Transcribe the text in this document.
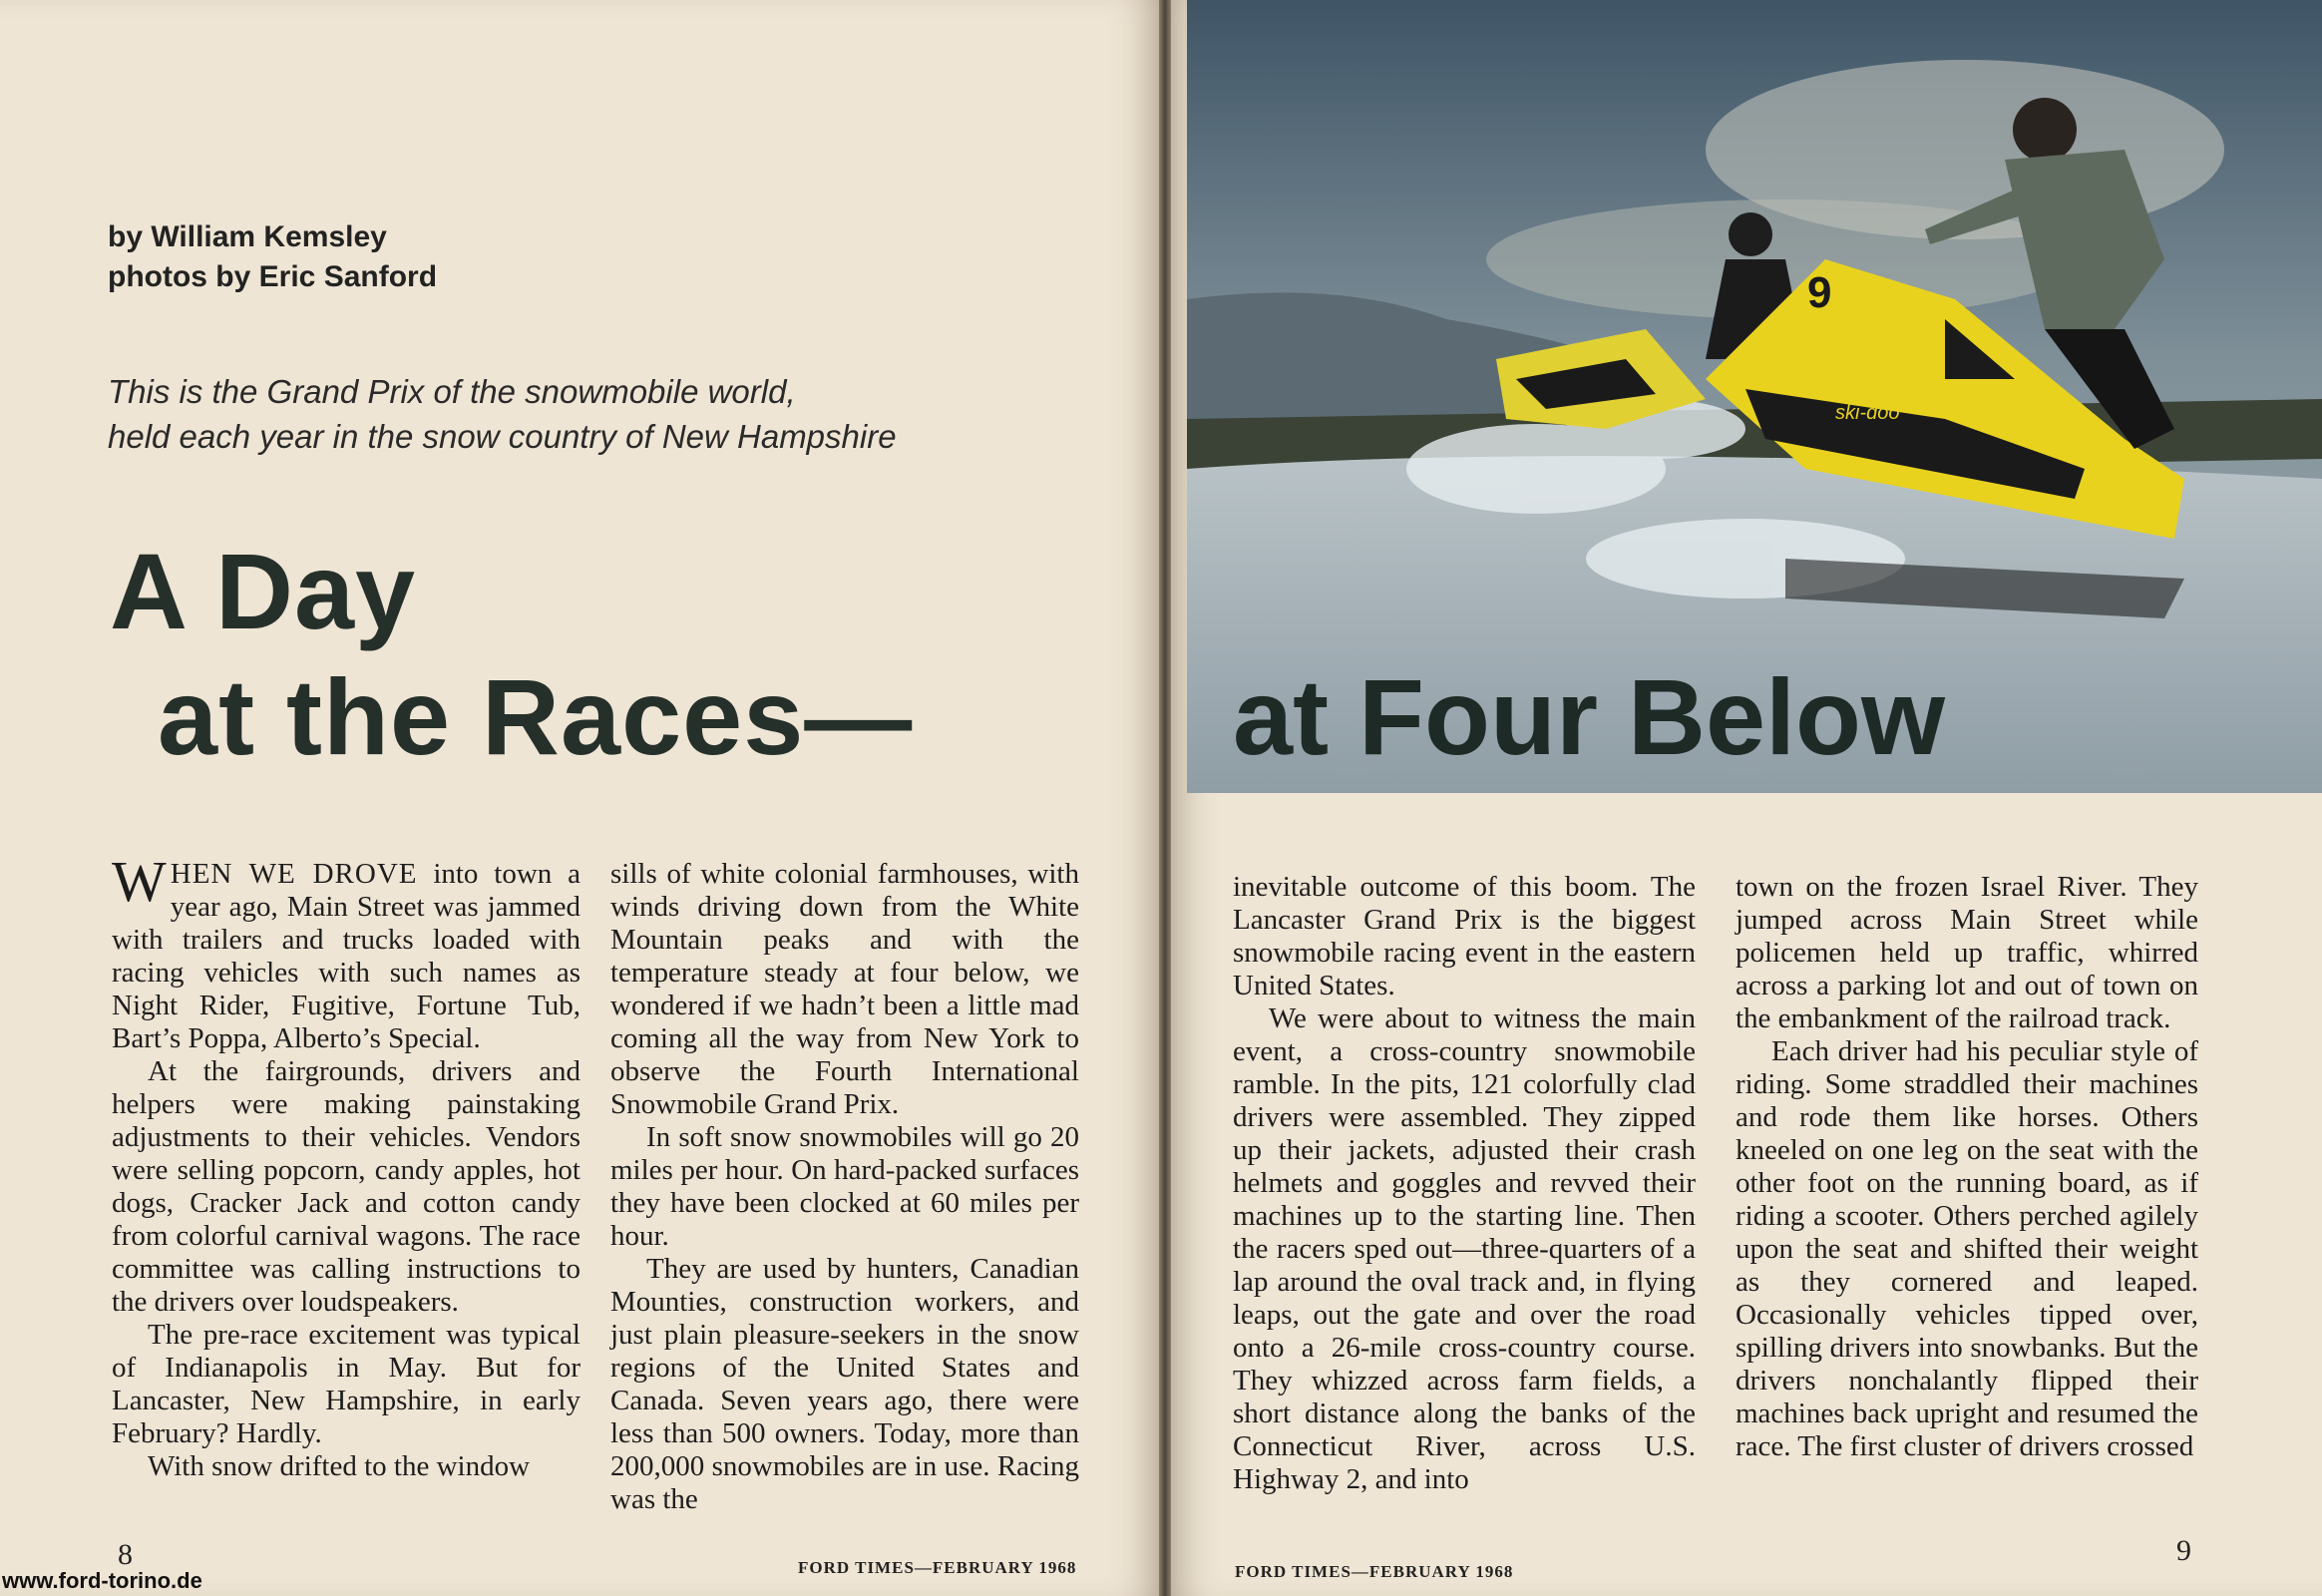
by William Kemsley
photos by Eric Sanford
This is the Grand Prix of the snowmobile world,
held each year in the snow country of New Hampshire
A Day
at the Races—

WHEN WE DROVE into town a year ago, Main Street was jammed with trailers and trucks loaded with racing vehicles with such names as Night Rider, Fugitive, Fortune Tub, Bart’s Poppa, Alberto’s Special.

At the fairgrounds, drivers and helpers were making painstaking adjustments to their vehicles. Vendors were selling popcorn, candy apples, hot dogs, Cracker Jack and cotton candy from colorful carnival wagons. The race committee was calling instructions to the drivers over loudspeakers.

The pre-race excitement was typical of Indianapolis in May. But for Lancaster, New Hampshire, in early February? Hardly.

With snow drifted to the window

sills of white colonial farmhouses, with winds driving down from the White Mountain peaks and with the temperature steady at four below, we wondered if we hadn’t been a little mad coming all the way from New York to observe the Fourth International Snowmobile Grand Prix.

In soft snow snowmobiles will go 20 miles per hour. On hard-packed surfaces they have been clocked at 60 miles per hour.

They are used by hunters, Canadian Mounties, construction workers, and just plain pleasure-seekers in the snow regions of the United States and Canada. Seven years ago, there were less than 500 owners. Today, more than 200,000 snowmobiles are in use. Racing was the

8	FORD TIMES—FEBRUARY 1968

inevitable outcome of this boom. The Lancaster Grand Prix is the biggest snowmobile racing event in the eastern United States.

We were about to witness the main event, a cross-country snowmobile ramble. In the pits, 121 colorfully clad drivers were assembled. They zipped up their jackets, adjusted their crash helmets and goggles and revved their machines up to the starting line. Then the racers sped out—three-quarters of a lap around the oval track and, in flying leaps, out the gate and over the road onto a 26-mile cross-country course. They whizzed across farm fields, a short distance along the banks of the Connecticut River, across U.S. Highway 2, and into

town on the frozen Israel River. They jumped across Main Street while policemen held up traffic, whirred across a parking lot and out of town on the embankment of the railroad track.

Each driver had his peculiar style of riding. Some straddled their machines and rode them like horses. Others kneeled on one leg on the seat with the other foot on the running board, as if riding a scooter. Others perched agilely upon the seat and shifted their weight as they cornered and leaped. Occasionally vehicles tipped over, spilling drivers into snowbanks. But the drivers nonchalantly flipped their machines back upright and resumed the race. The first cluster of drivers crossed

9
FORD TIMES—FEBRUARY 1968
9
ski-doo
at Four Below
www.ford-torino.de
